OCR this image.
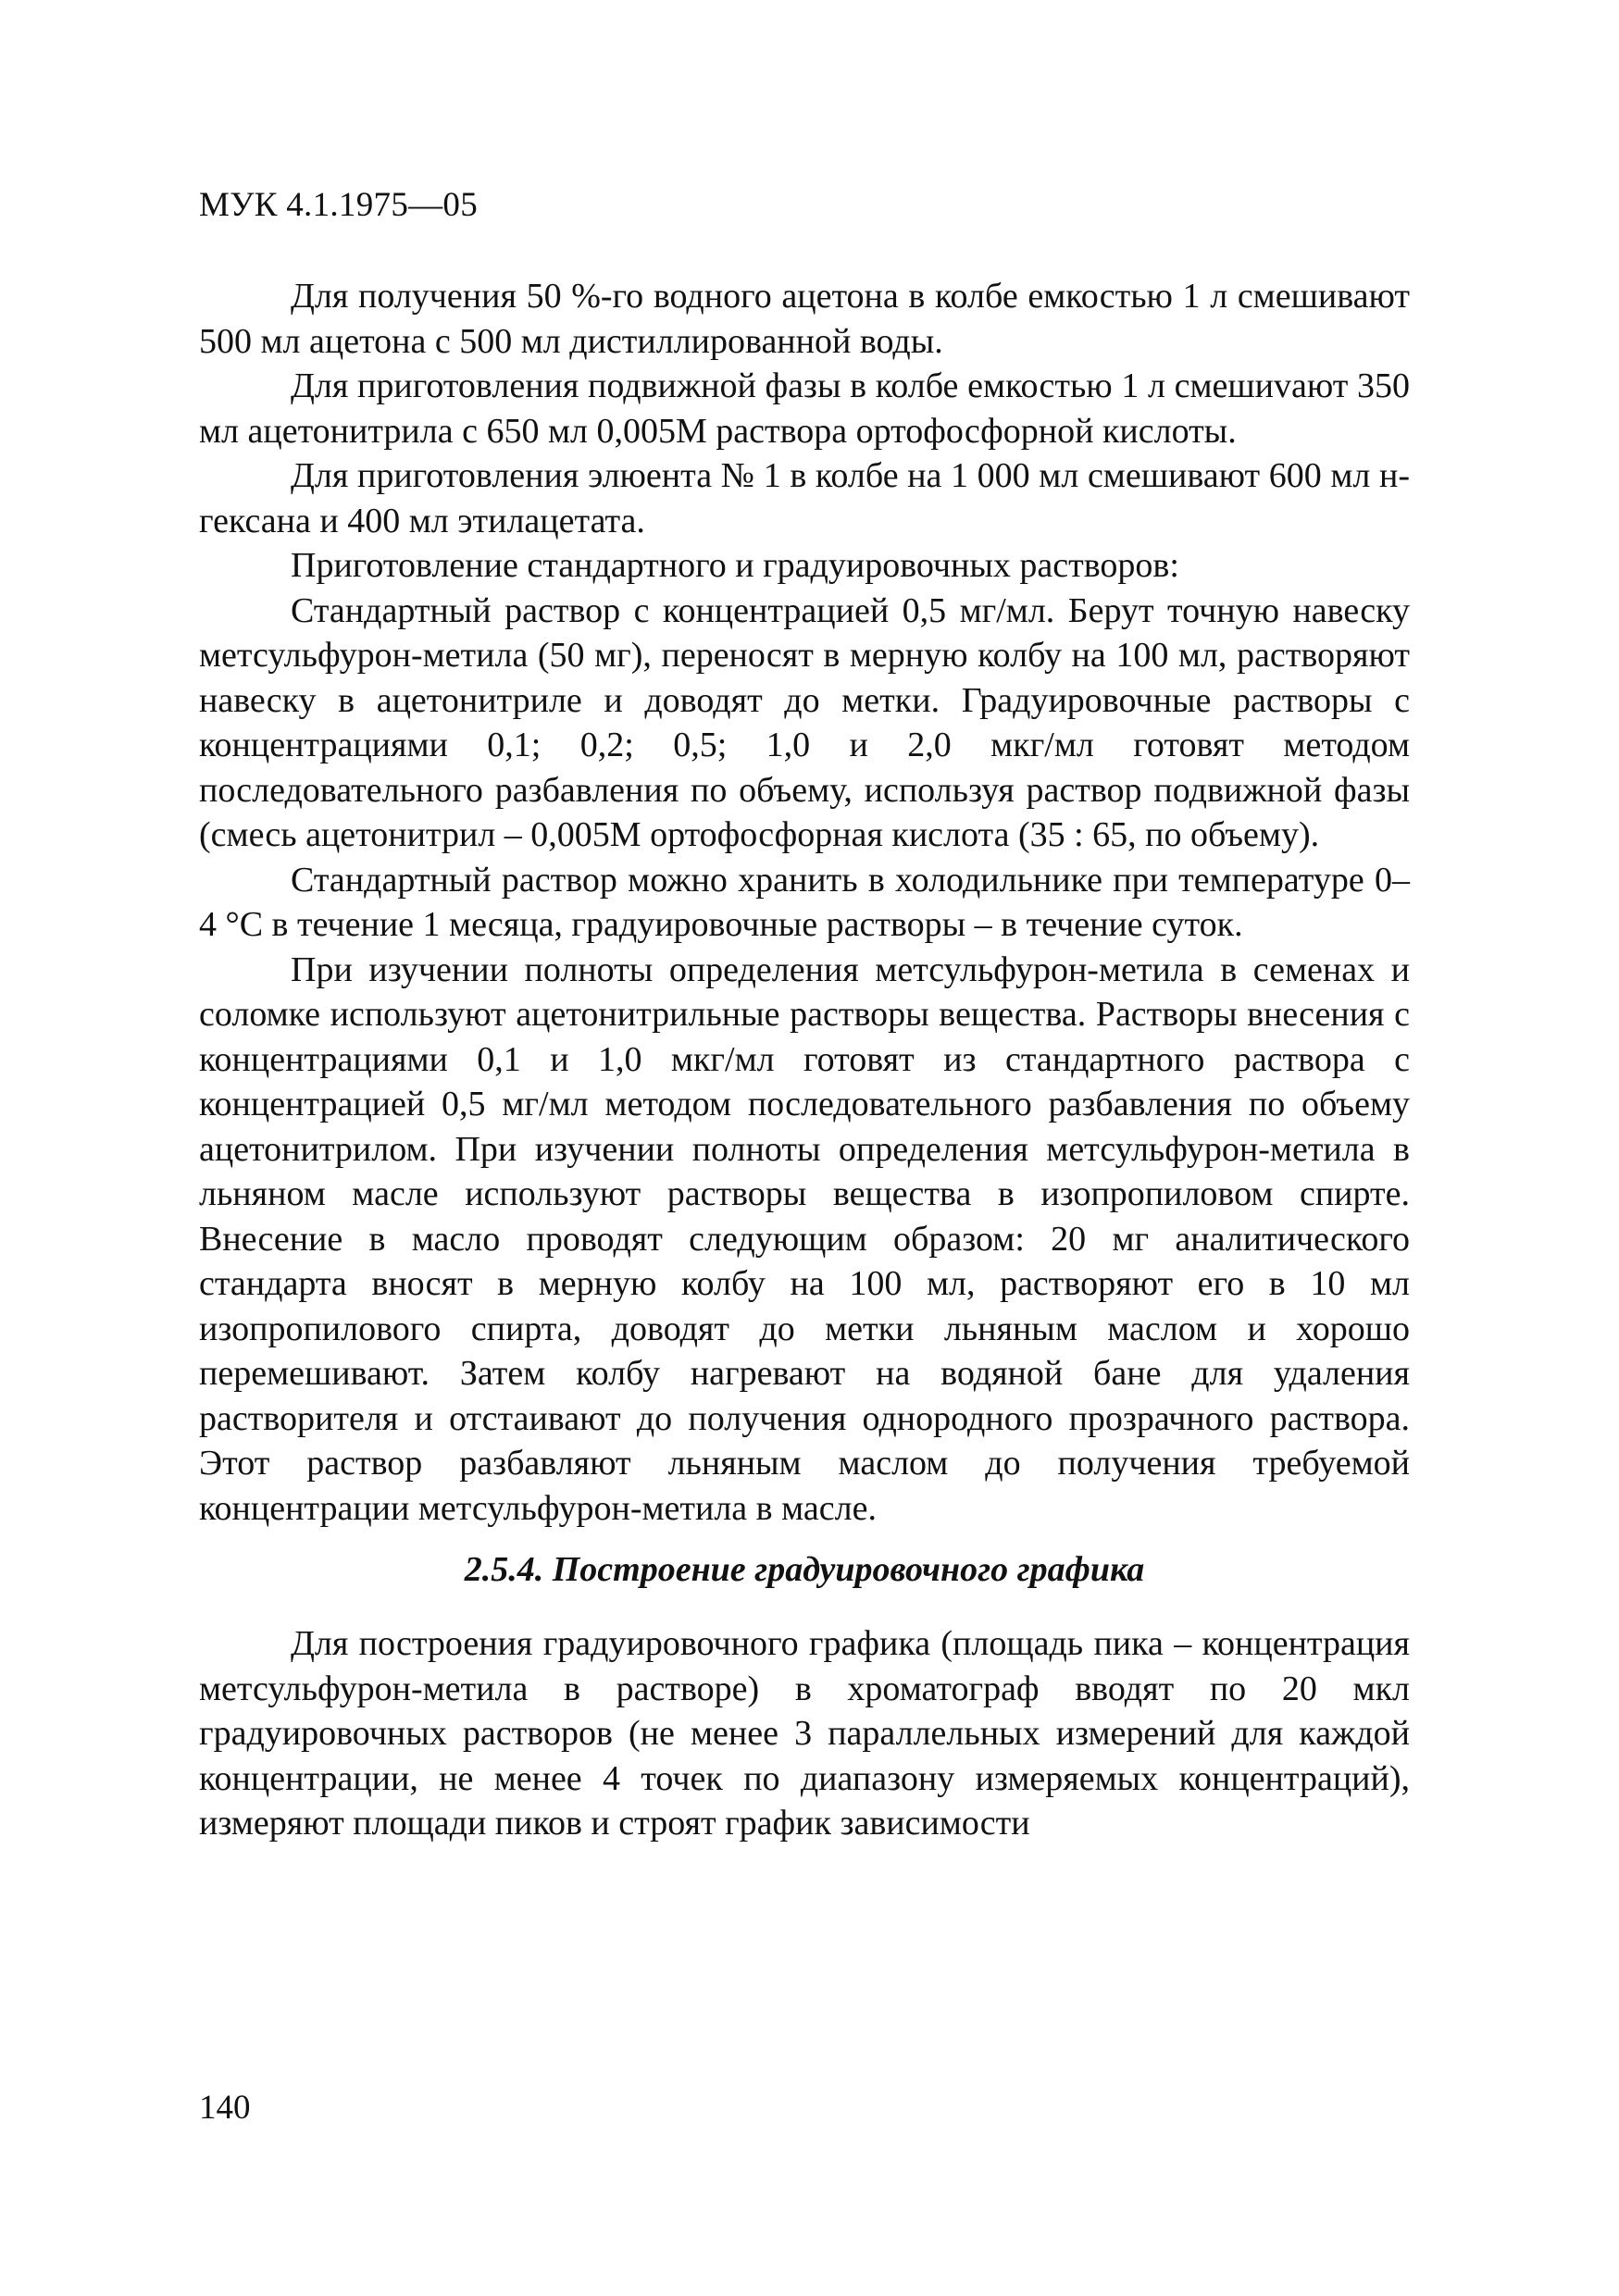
МУК 4.1.1975—05

Для получения 50 %-го водного ацетона в колбе емкостью 1 л смешивают 500 мл ацетона с 500 мл дистиллированной воды.

Для приготовления подвижной фазы в колбе емкостью 1 л смешиvают 350 мл ацетонитрила с 650 мл 0,005М раствора ортофосфорной кислоты.

Для приготовления элюента № 1 в колбе на 1 000 мл смешивают 600 мл н-гексана и 400 мл этилацетата.

Приготовление стандартного и градуировочных растворов:

Стандартный раствор с концентрацией 0,5 мг/мл. Берут точную навеску метсульфурон-метила (50 мг), переносят в мерную колбу на 100 мл, растворяют навеску в ацетонитриле и доводят до метки. Градуировочные растворы с концентрациями 0,1; 0,2; 0,5; 1,0 и 2,0 мкг/мл готовят методом последовательного разбавления по объему, используя раствор подвижной фазы (смесь ацетонитрил – 0,005М ортофосфорная кислота (35 : 65, по объему).

Стандартный раствор можно хранить в холодильнике при температуре 0–4 °С в течение 1 месяца, градуировочные растворы – в течение суток.

При изучении полноты определения метсульфурон-метила в семенах и соломке используют ацетонитрильные растворы вещества. Растворы внесения с концентрациями 0,1 и 1,0 мкг/мл готовят из стандартного раствора с концентрацией 0,5 мг/мл методом последовательного разбавления по объему ацетонитрилом. При изучении полноты определения метсульфурон-метила в льняном масле используют растворы вещества в изопропиловом спирте. Внесение в масло проводят следующим образом: 20 мг аналитического стандарта вносят в мерную колбу на 100 мл, растворяют его в 10 мл изопропилового спирта, доводят до метки льняным маслом и хорошо перемешивают. Затем колбу нагревают на водяной бане для удаления растворителя и отстаивают до получения однородного прозрачного раствора. Этот раствор разбавляют льняным маслом до получения требуемой концентрации метсульфурон-метила в масле.

2.5.4. Построение градуировочного графика

Для построения градуировочного графика (площадь пика – концентрация метсульфурон-метила в растворе) в хроматограф вводят по 20 мкл градуировочных растворов (не менее 3 параллельных измерений для каждой концентрации, не менее 4 точек по диапазону измеряемых концентраций), измеряют площади пиков и строят график зависимости

140
